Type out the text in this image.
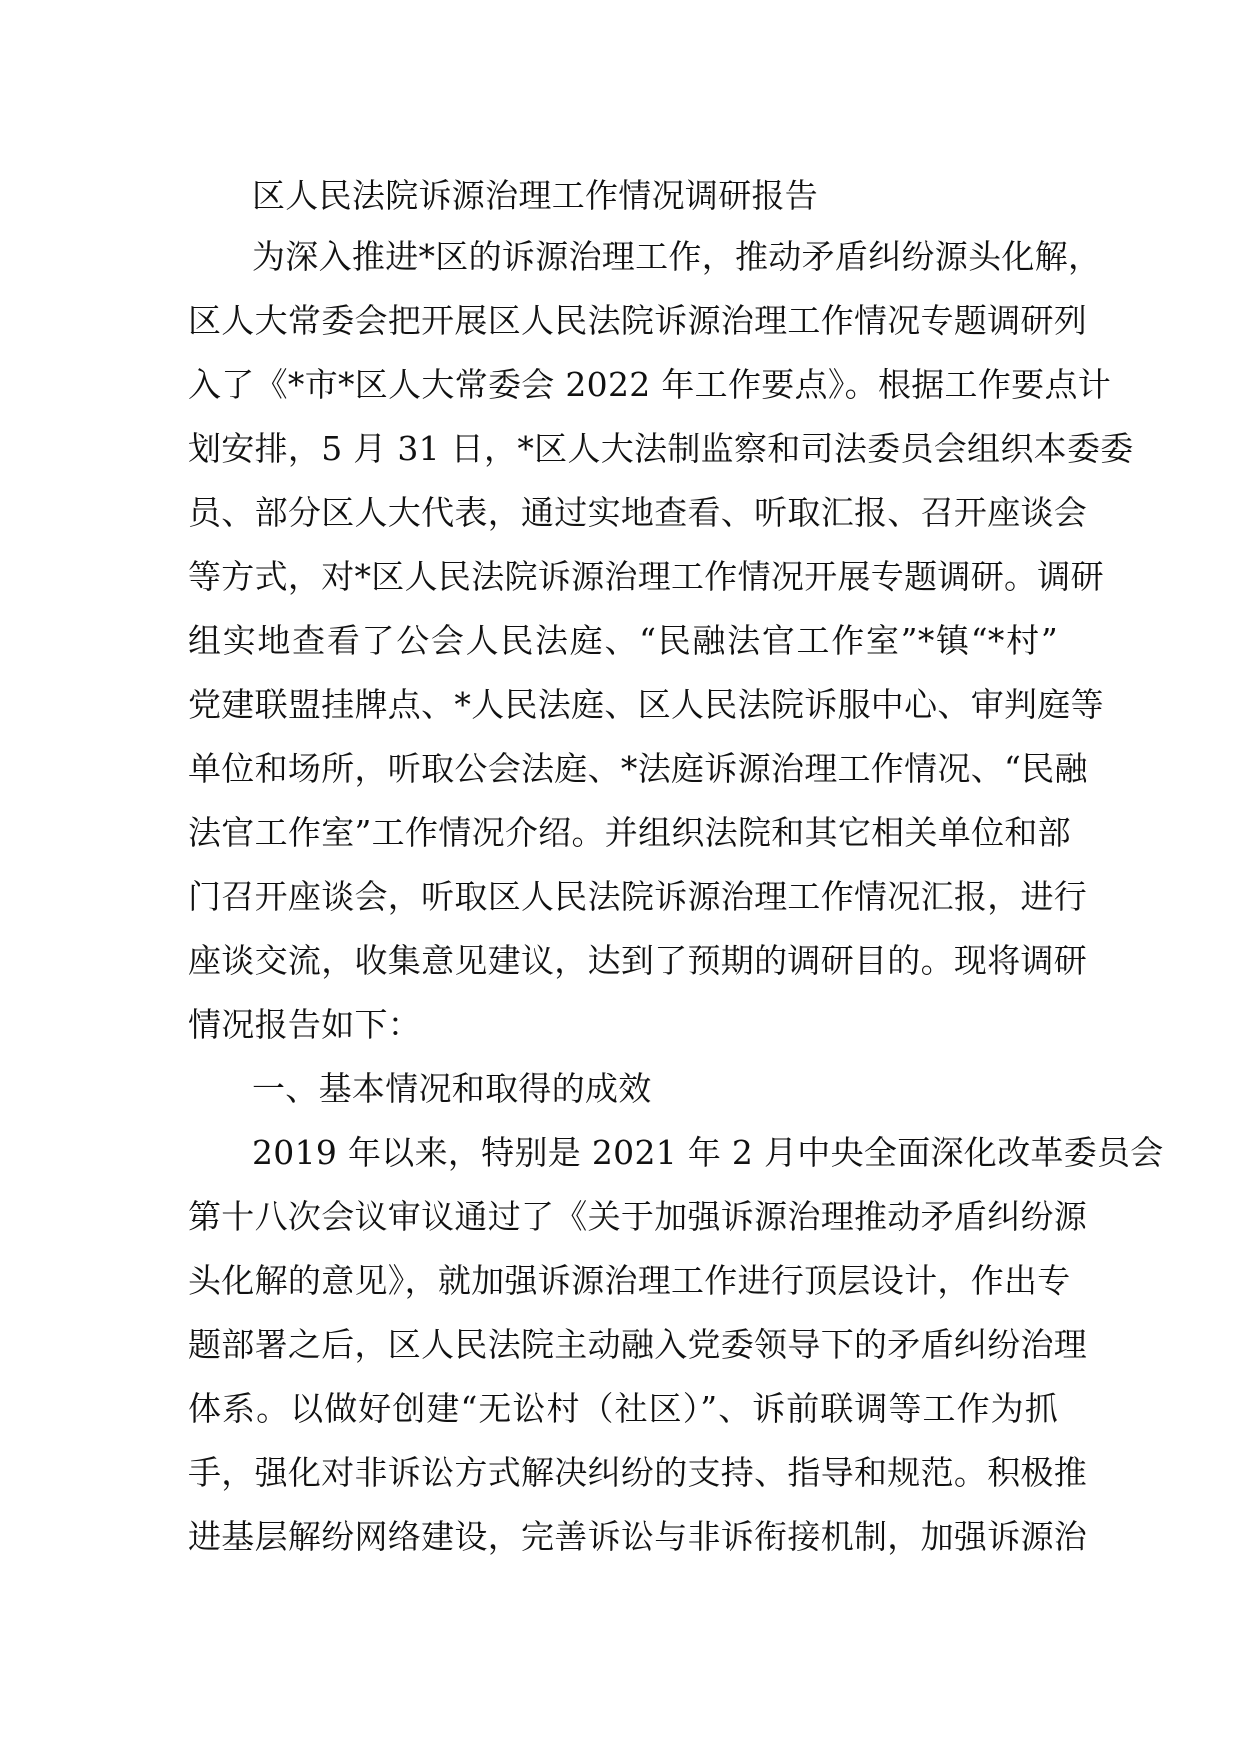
区人民法院诉源治理工作情况调研报告
为深入推进*区的诉源治理工作，推动矛盾纠纷源头化解，
区人大常委会把开展区人民法院诉源治理工作情况专题调研列
入了《*市*区人大常委会 2022 年工作要点》。根据工作要点计
划安排，5 月 31 日，*区人大法制监察和司法委员会组织本委委
员、部分区人大代表，通过实地查看、听取汇报、召开座谈会
等方式，对*区人民法院诉源治理工作情况开展专题调研。调研
组实地查看了公会人民法庭、“民融法官工作室”*镇“*村”
党建联盟挂牌点、*人民法庭、区人民法院诉服中心、审判庭等
单位和场所，听取公会法庭、*法庭诉源治理工作情况、“民融
法官工作室”工作情况介绍。并组织法院和其它相关单位和部
门召开座谈会，听取区人民法院诉源治理工作情况汇报，进行
座谈交流，收集意见建议，达到了预期的调研目的。现将调研
情况报告如下：
一、基本情况和取得的成效
2019 年以来，特别是 2021 年 2 月中央全面深化改革委员会
第十八次会议审议通过了《关于加强诉源治理推动矛盾纠纷源
头化解的意见》，就加强诉源治理工作进行顶层设计，作出专
题部署之后，区人民法院主动融入党委领导下的矛盾纠纷治理
体系。以做好创建“无讼村（社区）”、诉前联调等工作为抓
手，强化对非诉讼方式解决纠纷的支持、指导和规范。积极推
进基层解纷网络建设，完善诉讼与非诉衔接机制，加强诉源治
